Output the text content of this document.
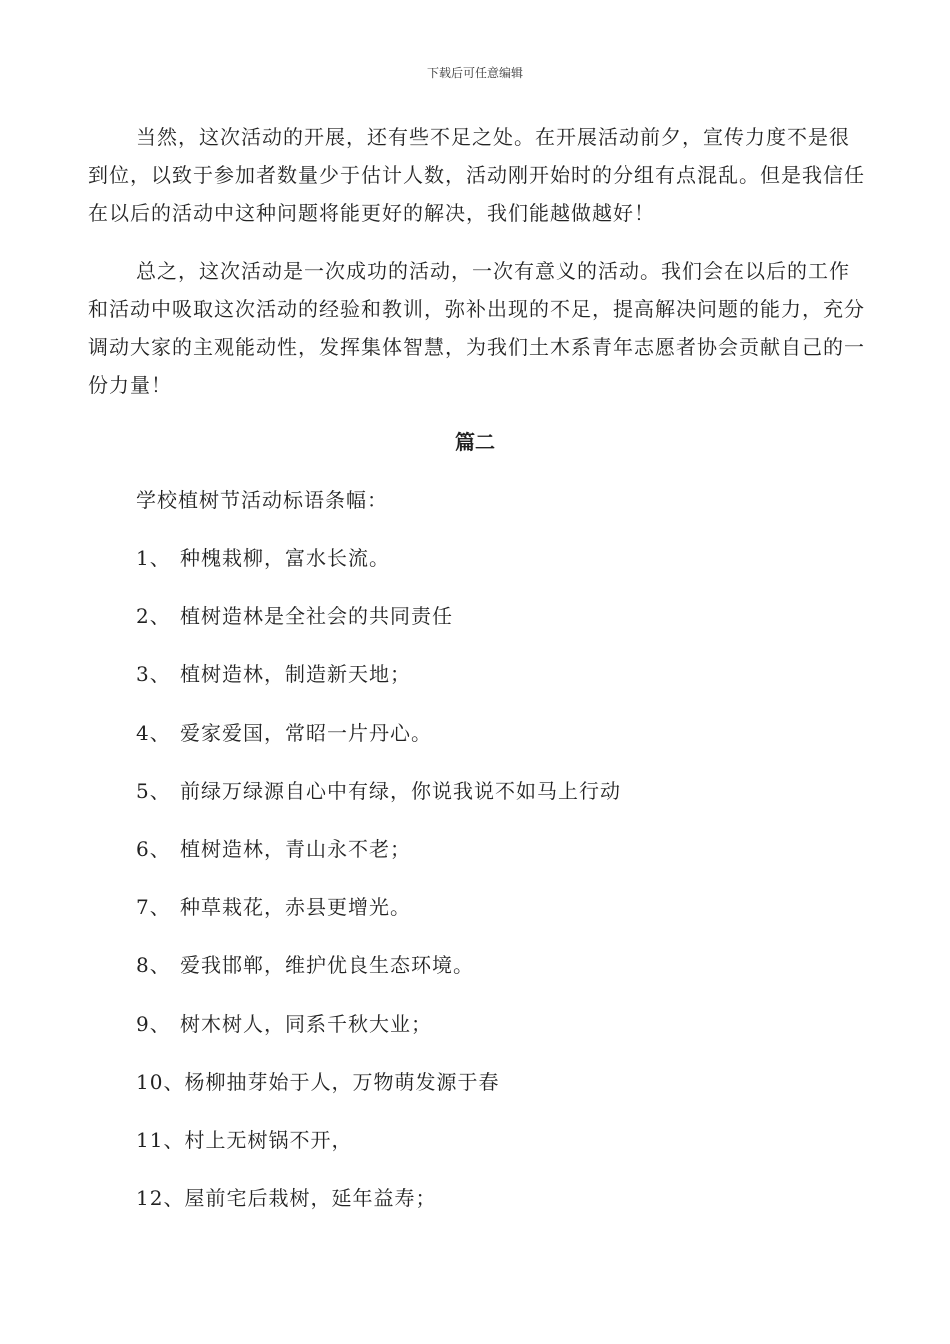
下载后可任意编辑

当然，这次活动的开展，还有些不足之处。在开展活动前夕，宣传力度不是很到位，以致于参加者数量少于估计人数，活动刚开始时的分组有点混乱。但是我信任在以后的活动中这种问题将能更好的解决，我们能越做越好！

总之，这次活动是一次成功的活动，一次有意义的活动。我们会在以后的工作和活动中吸取这次活动的经验和教训，弥补出现的不足，提高解决问题的能力，充分调动大家的主观能动性，发挥集体智慧，为我们土木系青年志愿者协会贡献自己的一份力量！

篇二
学校植树节活动标语条幅：
1、 种槐栽柳，富水长流。
2、 植树造林是全社会的共同责任
3、 植树造林，制造新天地；
4、 爱家爱国，常昭一片丹心。
5、 前绿万绿源自心中有绿，你说我说不如马上行动
6、 植树造林，青山永不老；
7、 种草栽花，赤县更增光。
8、 爱我邯郸，维护优良生态环境。
9、 树木树人，同系千秋大业；
10、杨柳抽芽始于人，万物萌发源于春
11、村上无树锅不开，
12、屋前宅后栽树，延年益寿；
